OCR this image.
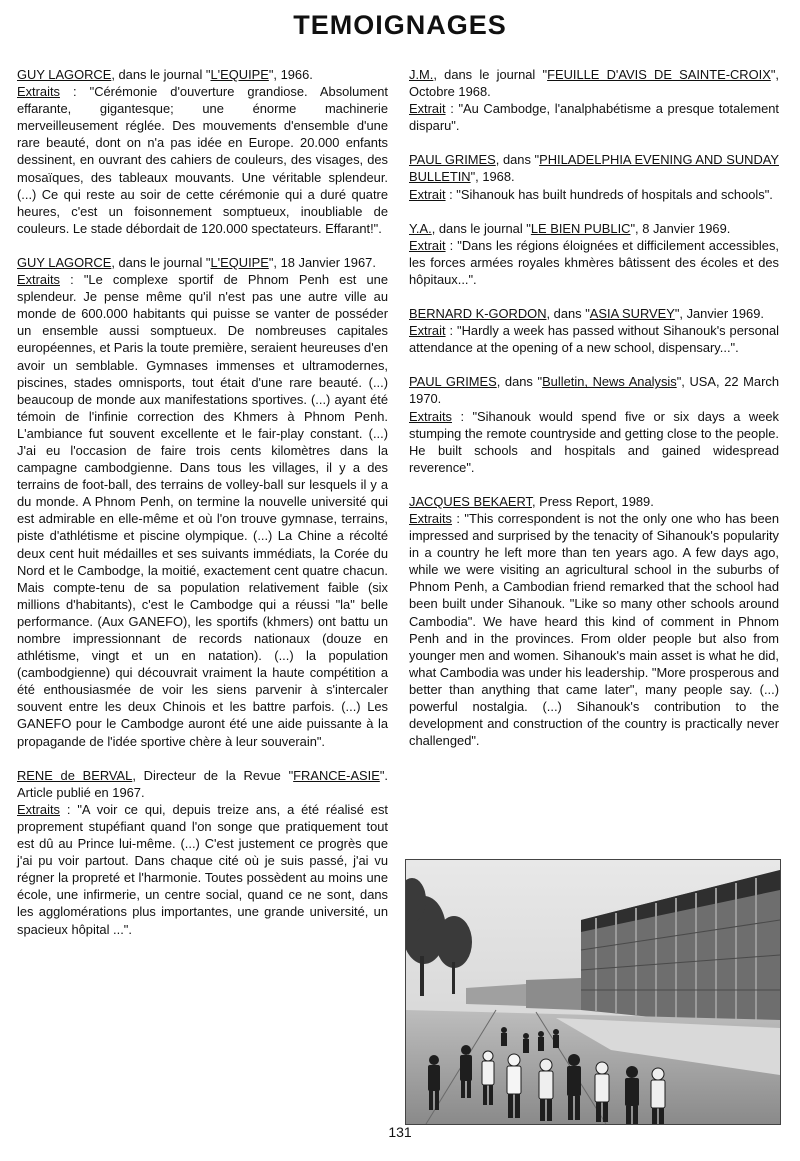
TEMOIGNAGES

GUY LAGORCE, dans le journal "L'EQUIPE", 1966.

Extraits : "Cérémonie d'ouverture grandiose. Absolument effarante, gigantesque; une énorme machinerie merveilleusement réglée. Des mouvements d'ensemble d'une rare beauté, dont on n'a pas idée en Europe. 20.000 enfants dessinent, en ouvrant des cahiers de couleurs, des visages, des mosaïques, des tableaux mouvants. Une véritable splendeur. (...) Ce qui reste au soir de cette cérémonie qui a duré quatre heures, c'est un foisonnement somptueux, inoubliable de couleurs. Le stade débordait de 120.000 spectateurs. Effarant!".

GUY LAGORCE, dans le journal "L'EQUIPE", 18 Janvier 1967.

Extraits : "Le complexe sportif de Phnom Penh est une splendeur. Je pense même qu'il n'est pas une autre ville au monde de 600.000 habitants qui puisse se vanter de posséder un ensemble aussi somptueux. De nombreuses capitales européennes, et Paris la toute première, seraient heureuses d'en avoir un semblable. Gymnases immenses et ultramodernes, piscines, stades omnisports, tout était d'une rare beauté. (...) beaucoup de monde aux manifestations sportives. (...) ayant été témoin de l'infinie correction des Khmers à Phnom Penh. L'ambiance fut souvent excellente et le fair-play constant. (...) J'ai eu l'occasion de faire trois cents kilomètres dans la campagne cambodgienne. Dans tous les villages, il y a des terrains de foot-ball, des terrains de volley-ball sur lesquels il y a du monde. A Phnom Penh, on termine la nouvelle université qui est admirable en elle-même et où l'on trouve gymnase, terrains, piste d'athlétisme et piscine olympique. (...) La Chine a récolté deux cent huit médailles et ses suivants immédiats, la Corée du Nord et le Cambodge, la moitié, exactement cent quatre chacun. Mais compte-tenu de sa population relativement faible (six millions d'habitants), c'est le Cambodge qui a réussi "la" belle performance. (Aux GANEFO), les sportifs (khmers) ont battu un nombre impressionnant de records nationaux (douze en athlétisme, vingt et un en natation). (...) la population (cambodgienne) qui découvrait vraiment la haute compétition a été enthousiasmée de voir les siens parvenir à s'intercaler souvent entre les deux Chinois et les battre parfois. (...) Les GANEFO pour le Cambodge auront été une aide puissante à la propagande de l'idée sportive chère à leur souverain".

RENE de BERVAL, Directeur de la Revue "FRANCE-ASIE". Article publié en 1967.

Extraits : "A voir ce qui, depuis treize ans, a été réalisé est proprement stupéfiant quand l'on songe que pratiquement tout est dû au Prince lui-même. (...) C'est justement ce progrès que j'ai pu voir partout. Dans chaque cité où je suis passé, j'ai vu régner la propreté et l'harmonie. Toutes possèdent au moins une école, une infirmerie, un centre social, quand ce ne sont, dans les agglomérations plus importantes, une grande université, un spacieux hôpital ...".

J.M., dans le journal "FEUILLE D'AVIS DE SAINTE-CROIX", Octobre 1968.

Extrait : "Au Cambodge, l'analphabétisme a presque totalement disparu".

PAUL GRIMES, dans "PHILADELPHIA EVENING AND SUNDAY BULLETIN", 1968.

Extrait : "Sihanouk has built hundreds of hospitals and schools".

Y.A., dans le journal "LE BIEN PUBLIC", 8 Janvier 1969.

Extrait : "Dans les régions éloignées et difficilement accessibles, les forces armées royales khmères bâtissent des écoles et des hôpitaux...".

BERNARD K-GORDON, dans "ASIA SURVEY", Janvier 1969.

Extrait : "Hardly a week has passed without Sihanouk's personal attendance at the opening of a new school, dispensary...".

PAUL GRIMES, dans "Bulletin, News Analysis", USA, 22 March 1970.

Extraits : "Sihanouk would spend five or six days a week stumping the remote countryside and getting close to the people. He built schools and hospitals and gained widespread reverence".

JACQUES BEKAERT, Press Report, 1989.

Extraits : "This correspondent is not the only one who has been impressed and surprised by the tenacity of Sihanouk's popularity in a country he left more than ten years ago. A few days ago, while we were visiting an agricultural school in the suburbs of Phnom Penh, a Cambodian friend remarked that the school had been built under Sihanouk. "Like so many other schools around Cambodia". We have heard this kind of comment in Phnom Penh and in the provinces. From older people but also from younger men and women. Sihanouk's main asset is what he did, what Cambodia was under his leadership. "More prosperous and better than anything that came later", many people say. (...) powerful nostalgia. (...) Sihanouk's contribution to the development and construction of the country is practically never challenged".

131
